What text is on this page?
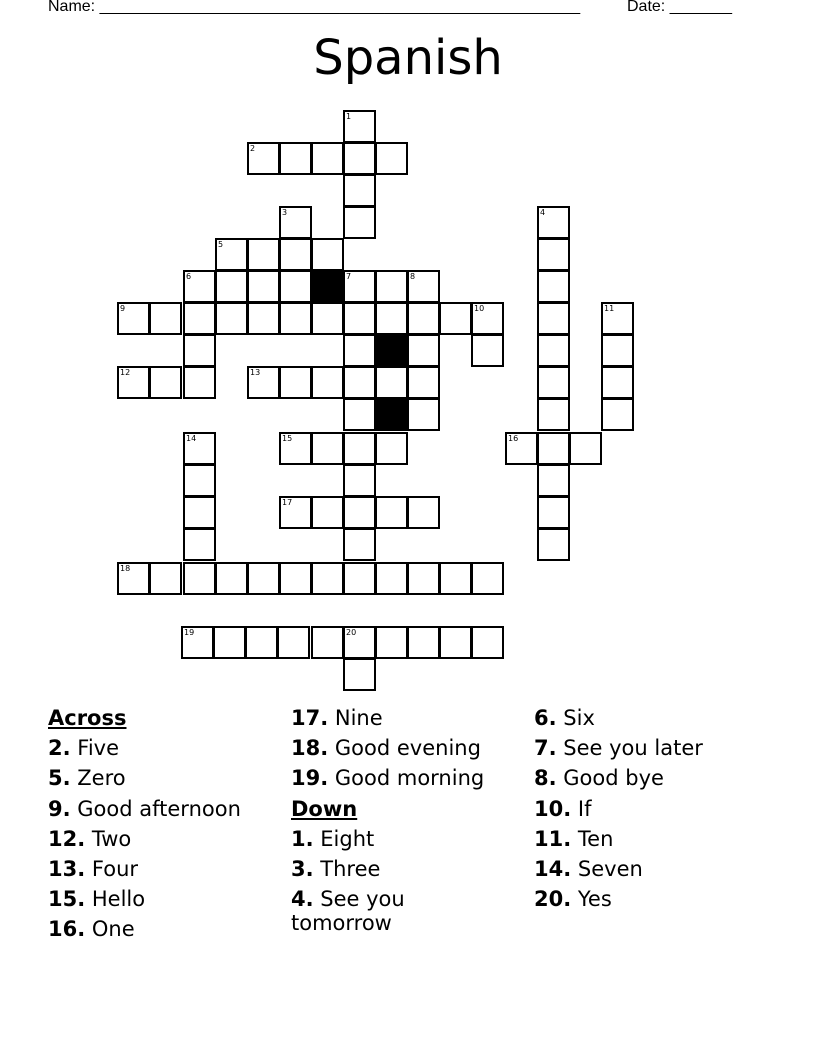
Name: ______________________________________________________	Date: _______
Spanish
1
2
3	4
5
6	7	8
9	10	11
12	13
14	15	16
17
18
19	20
Across
2. Five
5. Zero
9. Good afternoon
12. Two
13. Four
15. Hello
16. One
17. Nine
18. Good evening
19. Good morning
Down
1. Eight
3. Three
4. See you tomorrow
6. Six
7. See you later
8. Good bye
10. If
11. Ten
14. Seven
20. Yes
